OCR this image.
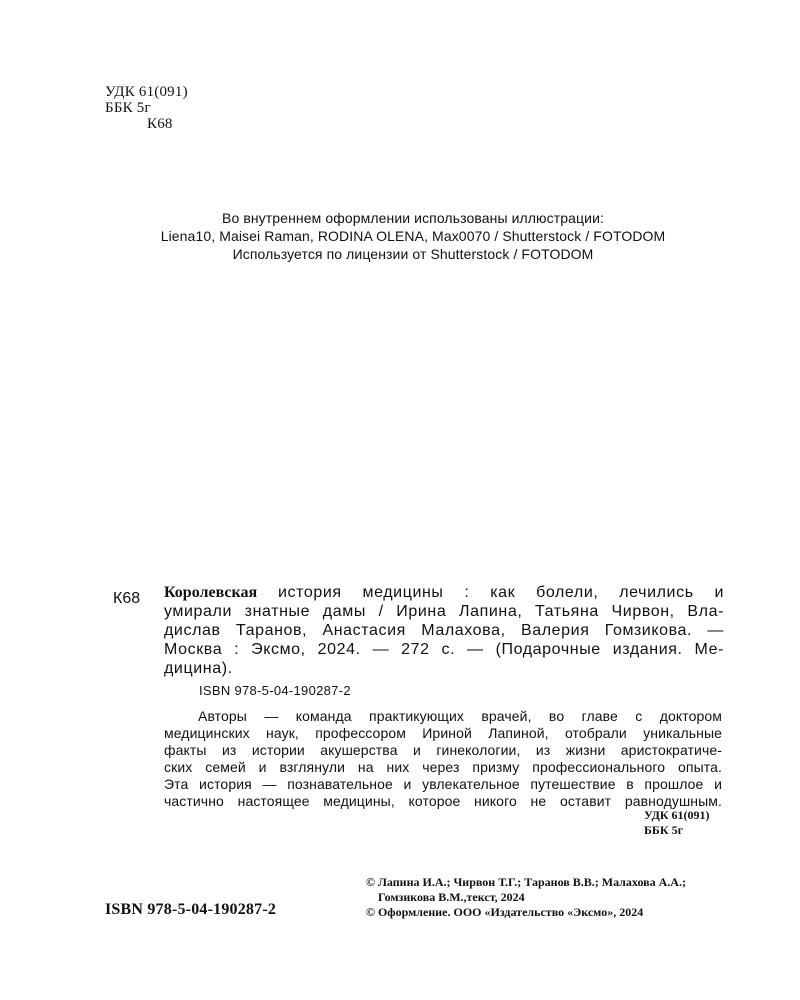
УДК 61(091)
ББК 5г
К68
Во внутреннем оформлении использованы иллюстрации:
Liena10, Maisei Raman, RODINA OLENA, Max0070 / Shutterstock / FOTODOM
Используется по лицензии от Shutterstock / FOTODOM
К68 Королевская история медицины : как болели, лечились и
умирали знатные дамы / Ирина Лапина, Татьяна Чирвон, Вла-
дислав Таранов, Анастасия Малахова, Валерия Гомзикова. —
Москва : Эксмо, 2024. — 272 с. — (Подарочные издания. Ме-
дицина).
ISBN 978-5-04-190287-2
Авторы — команда практикующих врачей, во главе с доктором
медицинских наук, профессором Ириной Лапиной, отобрали уникальные
факты из истории акушерства и гинекологии, из жизни аристократиче-
ских семей и взглянули на них через призму профессионального опыта.
Эта история — познавательное и увлекательное путешествие в прошлое и
частично настоящее медицины, которое никого не оставит равнодушным.
УДК 61(091)
ББК 5г
© Лапина И.А.; Чирвон Т.Г.; Таранов В.В.; Малахова А.А.;
Гомзикова В.М.,текст, 2024
© Оформление. ООО «Издательство «Эксмо», 2024
ISBN 978-5-04-190287-2
